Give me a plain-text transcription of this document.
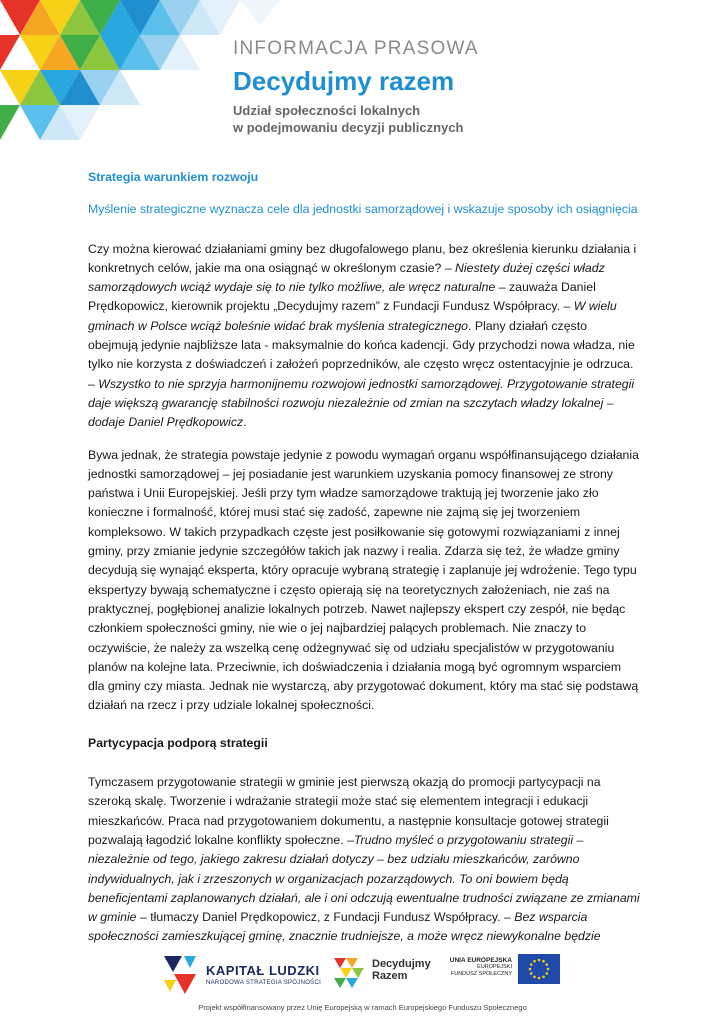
INFORMACJA PRASOWA
Decydujmy razem
Udział społeczności lokalnych
w podejmowaniu decyzji publicznych

Strategia warunkiem rozwoju

Myślenie strategiczne wyznacza cele dla jednostki samorządowej i wskazuje sposoby ich osiągnięcia

Czy można kierować działaniami gminy bez długofalowego planu, bez określenia kierunku działania i konkretnych celów, jakie ma ona osiągnąć w określonym czasie? – Niestety dużej części władz samorządowych wciąż wydaje się to nie tylko możliwe, ale wręcz naturalne – zauważa Daniel Prędkopowicz, kierownik projektu „Decydujmy razem” z Fundacji Fundusz Współpracy. – W wielu gminach w Polsce wciąż boleśnie widać brak myślenia strategicznego. Plany działań często obejmują jedynie najbliższe lata - maksymalnie do końca kadencji. Gdy przychodzi nowa władza, nie tylko nie korzysta z doświadczeń i założeń poprzedników, ale często wręcz ostentacyjnie je odrzuca. – Wszystko to nie sprzyja harmonijnemu rozwojowi jednostki samorządowej. Przygotowanie strategii daje większą gwarancję stabilności rozwoju niezależnie od zmian na szczytach władzy lokalnej – dodaje Daniel Prędkopowicz.

Bywa jednak, że strategia powstaje jedynie z powodu wymagań organu współfinansującego działania jednostki samorządowej – jej posiadanie jest warunkiem uzyskania pomocy finansowej ze strony państwa i Unii Europejskiej. Jeśli przy tym władze samorządowe traktują jej tworzenie jako zło konieczne i formalność, której musi stać się zadość, zapewne nie zajmą się jej tworzeniem kompleksowo. W takich przypadkach częste jest posiłkowanie się gotowymi rozwiązaniami z innej gminy, przy zmianie jedynie szczegółów takich jak nazwy i realia. Zdarza się też, że władze gminy decydują się wynająć eksperta, który opracuje wybraną strategię i zaplanuje jej wdrożenie. Tego typu ekspertyzy bywają schematyczne i często opierają się na teoretycznych założeniach, nie zaś na praktycznej, pogłębionej analizie lokalnych potrzeb. Nawet najlepszy ekspert czy zespół, nie będąc członkiem społeczności gminy, nie wie o jej najbardziej palących problemach. Nie znaczy to oczywiście, że należy za wszelką cenę odżegnywać się od udziału specjalistów w przygotowaniu planów na kolejne lata. Przeciwnie, ich doświadczenia i działania mogą być ogromnym wsparciem dla gminy czy miasta. Jednak nie wystarczą, aby przygotować dokument, który ma stać się podstawą działań na rzecz i przy udziale lokalnej społeczności.

Partycypacja podporą strategii

Tymczasem przygotowanie strategii w gminie jest pierwszą okazją do promocji partycypacji na szeroką skalę. Tworzenie i wdrażanie strategii może stać się elementem integracji i edukacji mieszkańców. Praca nad przygotowaniem dokumentu, a następnie konsultacje gotowej strategii pozwalają łagodzić lokalne konflikty społeczne. –Trudno myśleć o przygotowaniu strategii – niezależnie od tego, jakiego zakresu działań dotyczy – bez udziału mieszkańców, zarówno indywidualnych, jak i zrzeszonych w organizacjach pozarządowych. To oni bowiem będą beneficjentami zaplanowanych działań, ale i oni odczują ewentualne trudności związane ze zmianami w gminie – tłumaczy Daniel Prędkopowicz, z Fundacji Fundusz Współpracy. – Bez wsparcia społeczności zamieszkującej gminę, znacznie trudniejsze, a może wręcz niewykonalne będzie

KAPITAŁ LUDZKI
NARODOWA STRATEGIA SPÓJNOŚCI
Decydujmy
Razem
UNIA EUROPEJSKA
EUROPEJSKI
FUNDUSZ SPOŁECZNY
Projekt współfinansowany przez Unię Europejską w ramach Europejskiego Funduszu Społecznego
